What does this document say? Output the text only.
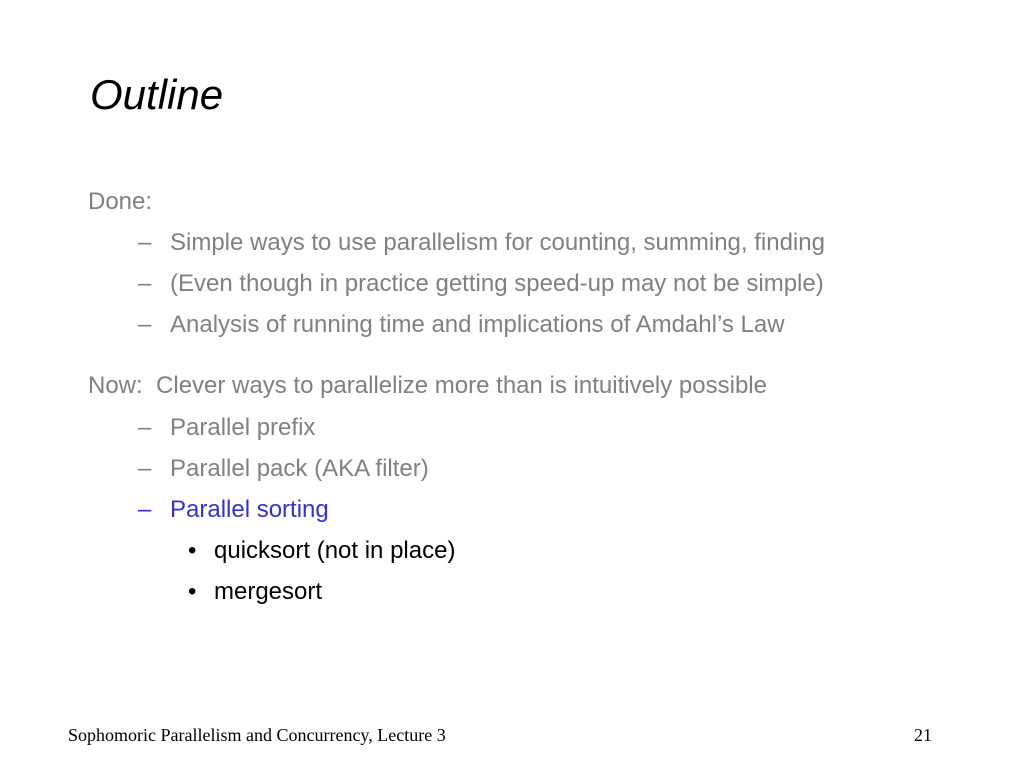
Outline
Done:
– Simple ways to use parallelism for counting, summing, finding
– (Even though in practice getting speed-up may not be simple)
– Analysis of running time and implications of Amdahl’s Law
Now: Clever ways to parallelize more than is intuitively possible
– Parallel prefix
– Parallel pack (AKA filter)
– Parallel sorting
• quicksort (not in place)
• mergesort
Sophomoric Parallelism and Concurrency, Lecture 3	21
